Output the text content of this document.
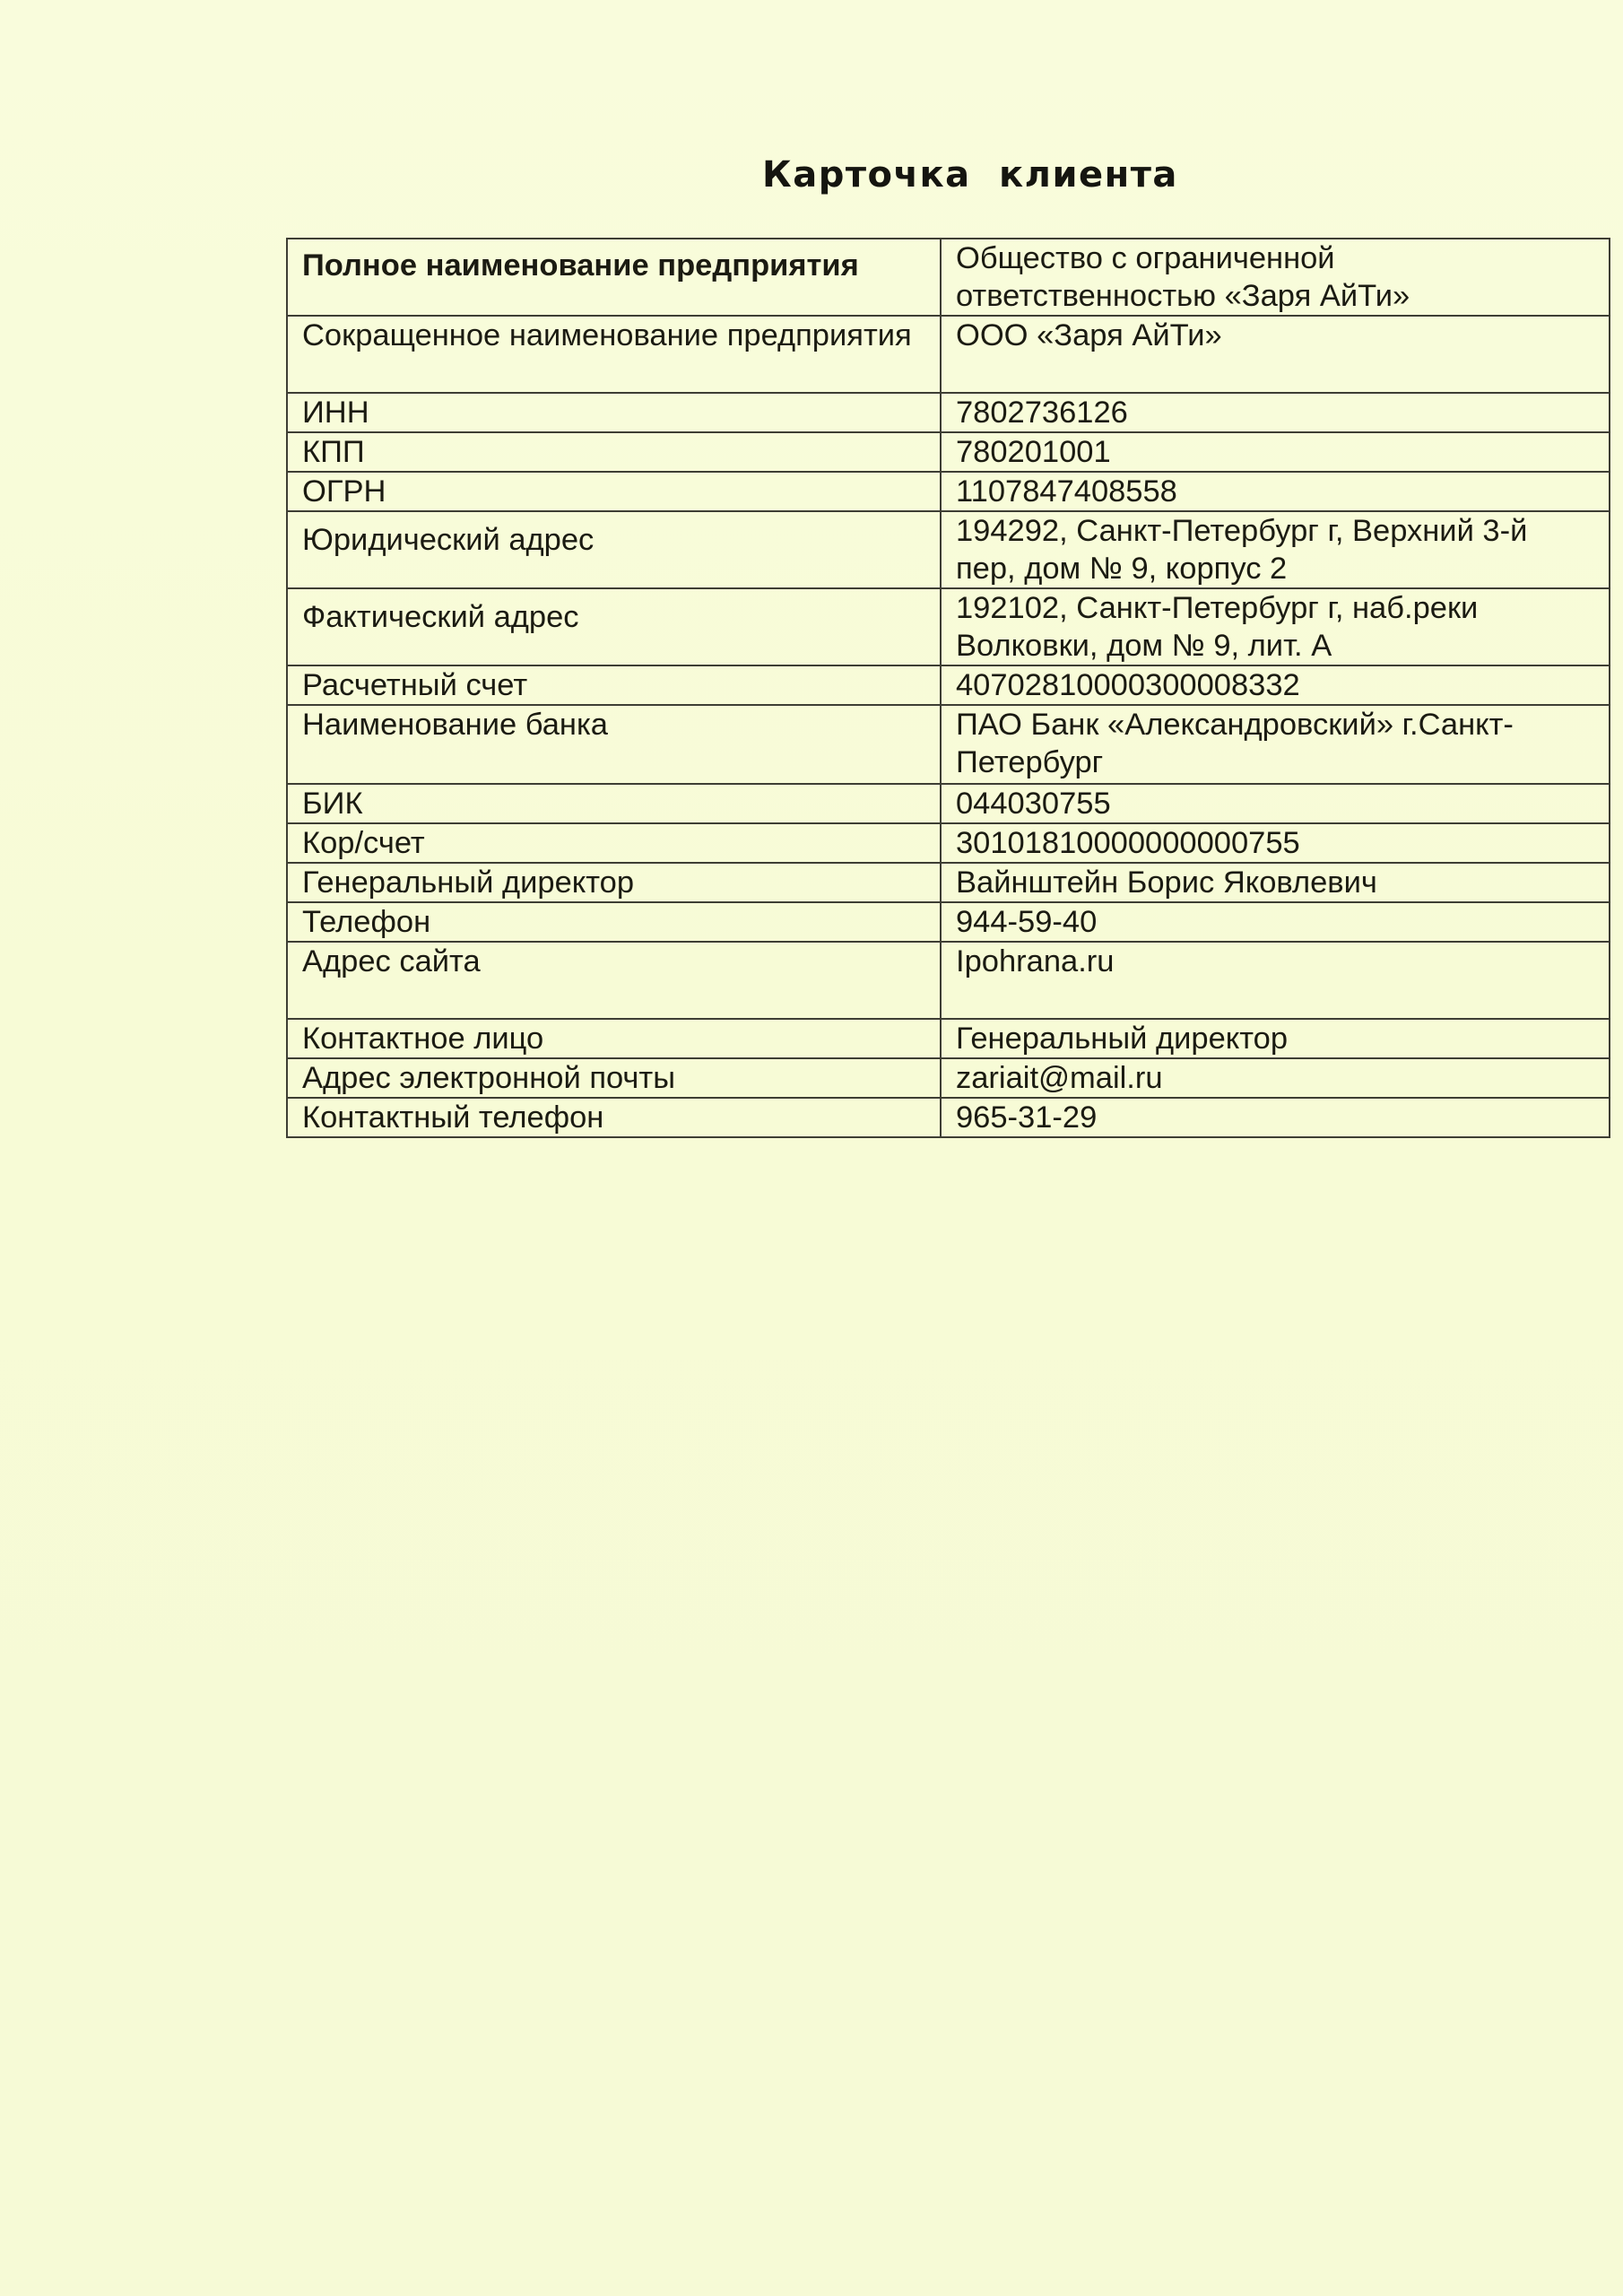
Карточка клиента
Полное наименование предприятия	Общество с ограниченной ответственностью «Заря АйТи»
Сокращенное наименование предприятия	ООО «Заря АйТи»
ИНН	7802736126
КПП	780201001
ОГРН	1107847408558
Юридический адрес	194292, Санкт-Петербург г, Верхний 3-й пер, дом № 9, корпус 2
Фактический адрес	192102, Санкт-Петербург г, наб.реки Волковки, дом № 9, лит. А
Расчетный счет	40702810000300008332
Наименование банка	ПАО Банк «Александровский» г.Санкт-Петербург
БИК	044030755
Кор/счет	30101810000000000755
Генеральный директор	Вайнштейн Борис Яковлевич
Телефон	944-59-40
Адрес сайта	Ipohrana.ru
Контактное лицо	Генеральный директор
Адрес электронной почты	zariait@mail.ru
Контактный телефон	965-31-29
